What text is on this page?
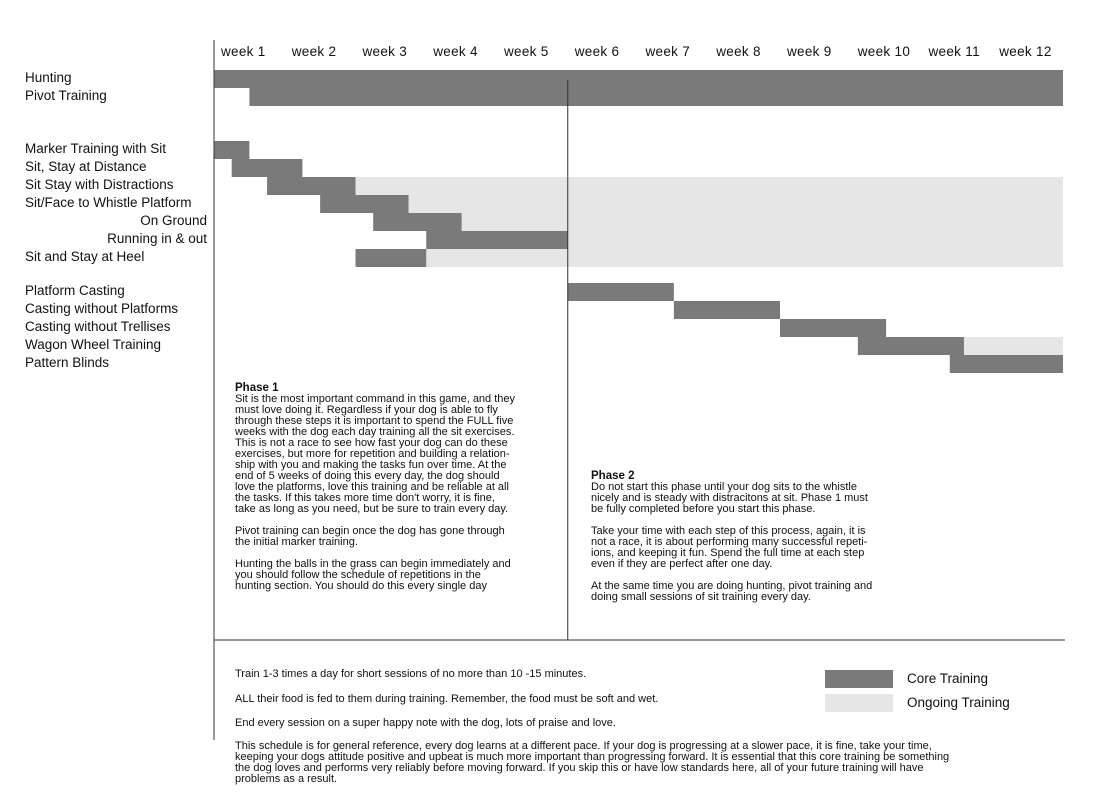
week 1 week 2 week 3 week 4 week 5 week 6 week 7 week 8 week 9 week 10 week 11 week 12
Hunting
Pivot Training
Marker Training with Sit
Sit, Stay at Distance
Sit Stay with Distractions
Sit/Face to Whistle Platform
On Ground
Running in & out
Sit and Stay at Heel
Platform Casting
Casting without Platforms
Casting without Trellises
Wagon Wheel Training
Pattern Blinds
Phase 1

Sit is the most important command in this game, and they
must love doing it. Regardless if your dog is able to fly
through these steps it is important to spend the FULL five
weeks with the dog each day training all the sit exercises.
This is not a race to see how fast your dog can do these
exercises, but more for repetition and building a relation-
ship with you and making the tasks fun over time. At the
end of 5 weeks of doing this every day, the dog should
love the platforms, love this training and be reliable at all
the tasks. If this takes more time don't worry, it is fine,
take as long as you need, but be sure to train every day.

Pivot training can begin once the dog has gone through
the initial marker training.

Hunting the balls in the grass can begin immediately and
you should follow the schedule of repetitions in the
hunting section. You should do this every single day

Phase 2

Do not start this phase until your dog sits to the whistle
nicely and is steady with distracitons at sit. Phase 1 must
be fully completed before you start this phase.

Take your time with each step of this process, again, it is
not a race, it is about performing many successful repeti-
ions, and keeping it fun. Spend the full time at each step
even if they are perfect after one day.

At the same time you are doing hunting, pivot training and
doing small sessions of sit training every day.

Train 1-3 times a day for short sessions of no more than 10 -15 minutes.
ALL their food is fed to them during training. Remember, the food must be soft and wet.
End every session on a super happy note with the dog, lots of praise and love.
This schedule is for general reference, every dog learns at a different pace. If your dog is progressing at a slower pace, it is fine, take your time,
keeping your dogs attitude positive and upbeat is much more important than progressing forward. It is essential that this core training be something
the dog loves and performs very reliably before moving forward. If you skip this or have low standards here, all of your future training will have
problems as a result.
Core Training
Ongoing Training
